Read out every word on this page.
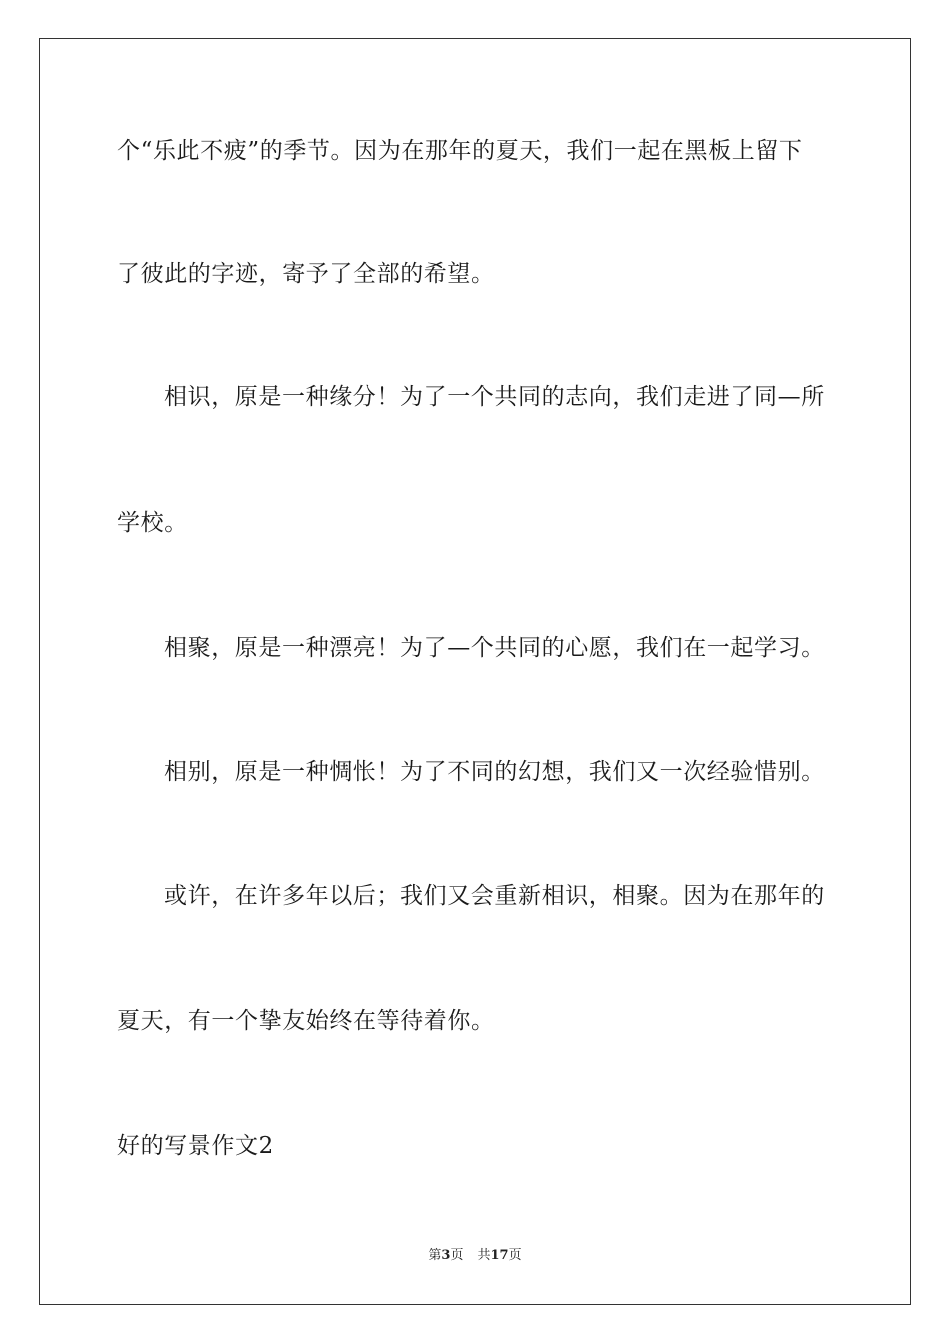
个“乐此不疲”的季节。因为在那年的夏天，我们一起在黑板上留下
了彼此的字迹，寄予了全部的希望。
相识，原是一种缘分！为了一个共同的志向，我们走进了同—所
学校。
相聚，原是一种漂亮！为了—个共同的心愿，我们在一起学习。
相别，原是一种惆怅！为了不同的幻想，我们又一次经验惜别。
或许，在许多年以后；我们又会重新相识，相聚。因为在那年的
夏天，有一个挚友始终在等待着你。
好的写景作文2
第3页 共17页
